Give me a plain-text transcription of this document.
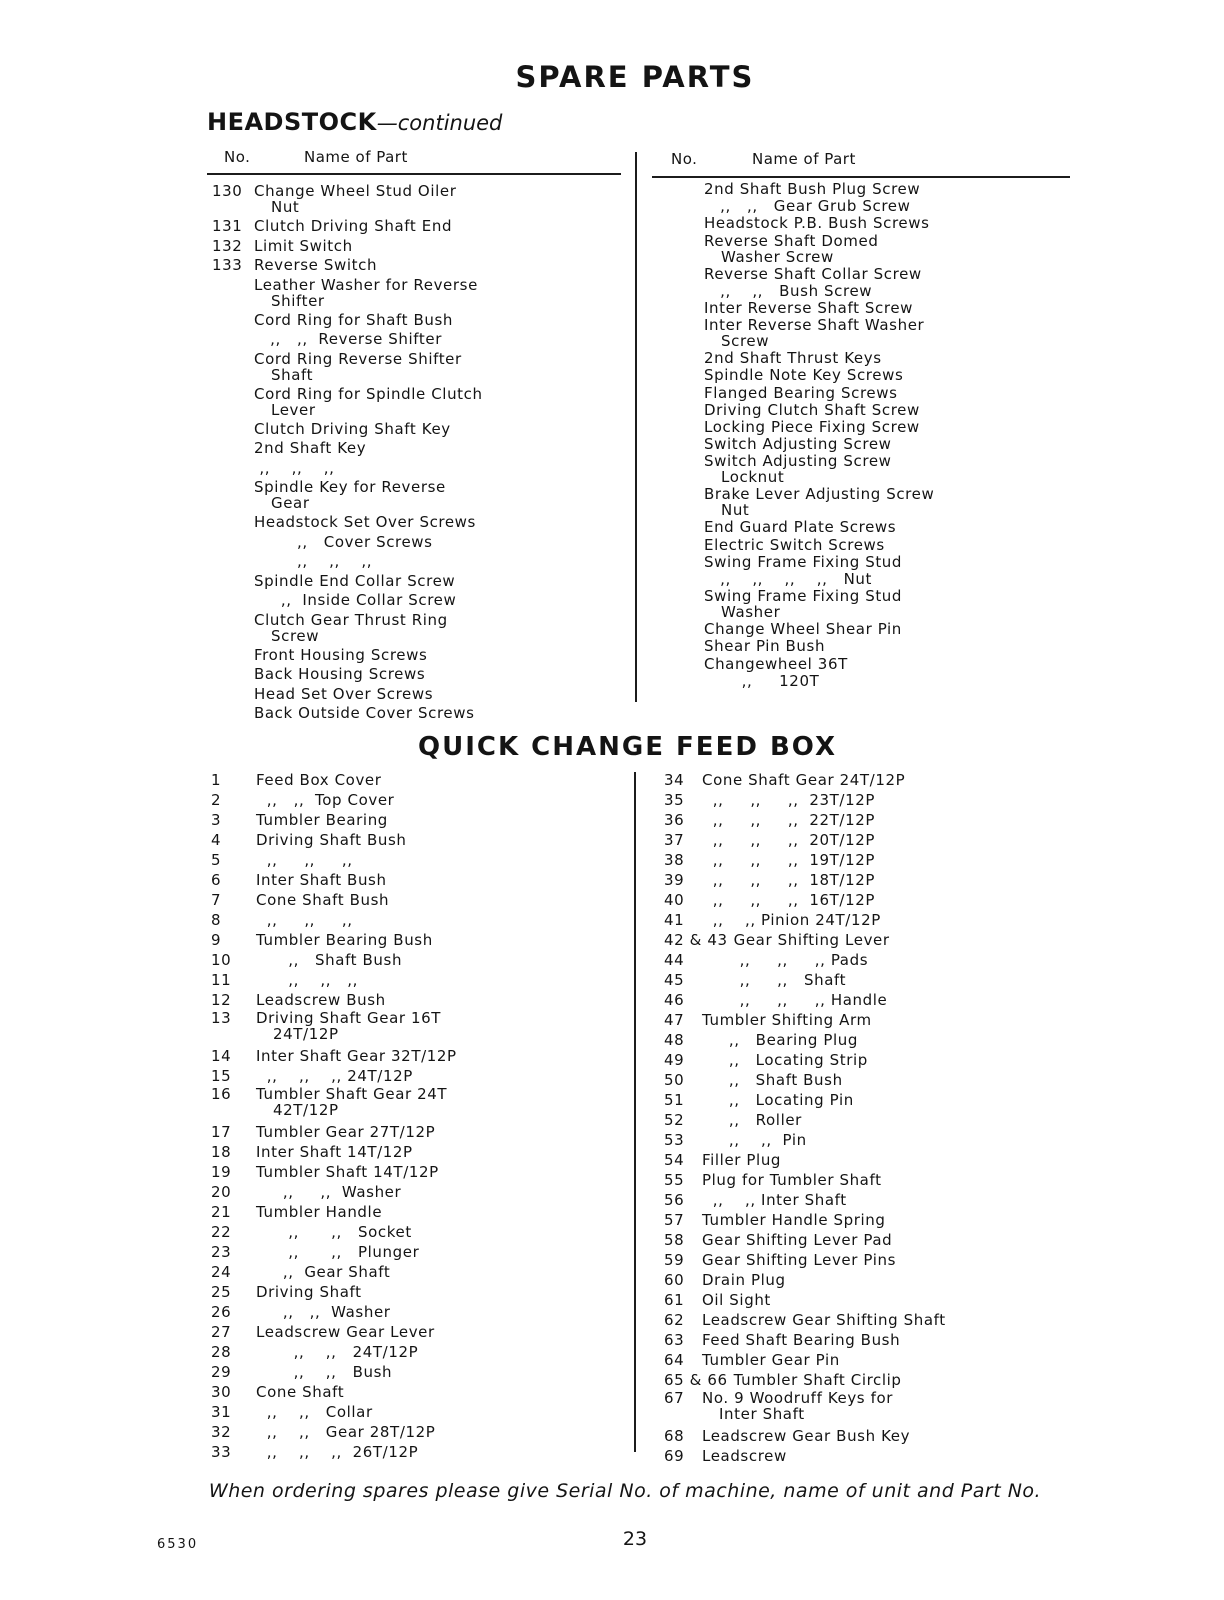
SPARE PARTS
HEADSTOCK—continued
No.	Name of Part	No.	Name of Part
130 Change Wheel Stud Oiler
Nut
131 Clutch Driving Shaft End
132 Limit Switch
133 Reverse Switch
Leather Washer for Reverse
Shifter
Cord Ring for Shaft Bush
,,   ,,  Reverse Shifter
Cord Ring Reverse Shifter
Shaft
Cord Ring for Spindle Clutch
Lever
Clutch Driving Shaft Key
2nd Shaft Key
,,    ,,    ,,
Spindle Key for Reverse
Gear
Headstock Set Over Screws
,,   Cover Screws
,,    ,,    ,,
Spindle End Collar Screw
,,  Inside Collar Screw
Clutch Gear Thrust Ring
Screw
Front Housing Screws
Back Housing Screws
Head Set Over Screws
Back Outside Cover Screws
2nd Shaft Bush Plug Screw
,,   ,,   Gear Grub Screw
Headstock P.B. Bush Screws
Reverse Shaft Domed
Washer Screw
Reverse Shaft Collar Screw
,,    ,,   Bush Screw
Inter Reverse Shaft Screw
Inter Reverse Shaft Washer
Screw
2nd Shaft Thrust Keys
Spindle Note Key Screws
Flanged Bearing Screws
Driving Clutch Shaft Screw
Locking Piece Fixing Screw
Switch Adjusting Screw
Switch Adjusting Screw
Locknut
Brake Lever Adjusting Screw
Nut
End Guard Plate Screws
Electric Switch Screws
Swing Frame Fixing Stud
,,    ,,    ,,    ,,   Nut
Swing Frame Fixing Stud
Washer
Change Wheel Shear Pin
Shear Pin Bush
Changewheel 36T
,,     120T
QUICK CHANGE FEED BOX
1	Feed Box Cover
2	,,   ,,  Top Cover
3	Tumbler Bearing
4	Driving Shaft Bush
5	,,     ,,     ,,
6	Inter Shaft Bush
7	Cone Shaft Bush
8	,,     ,,     ,,
9	Tumbler Bearing Bush
10	,,   Shaft Bush
11	,,    ,,   ,,
12	Leadscrew Bush
13	Driving Shaft Gear 16T
24T/12P
14	Inter Shaft Gear 32T/12P
15	,,    ,,    ,, 24T/12P
16	Tumbler Shaft Gear 24T
42T/12P
17	Tumbler Gear 27T/12P
18	Inter Shaft 14T/12P
19	Tumbler Shaft 14T/12P
20	,,     ,,  Washer
21	Tumbler Handle
22	,,      ,,   Socket
23	,,      ,,   Plunger
24	,,  Gear Shaft
25	Driving Shaft
26	,,   ,,  Washer
27	Leadscrew Gear Lever
28	,,    ,,   24T/12P
29	,,    ,,   Bush
30	Cone Shaft
31	,,    ,,   Collar
32	,,    ,,   Gear 28T/12P
33	,,    ,,    ,,  26T/12P
34	Cone Shaft Gear 24T/12P
35	,,     ,,     ,,  23T/12P
36	,,     ,,     ,,  22T/12P
37	,,     ,,     ,,  20T/12P
38	,,     ,,     ,,  19T/12P
39	,,     ,,     ,,  18T/12P
40	,,     ,,     ,,  16T/12P
41	,,    ,, Pinion 24T/12P
42 & 43 Gear Shifting Lever
44	,,     ,,     ,, Pads
45	,,     ,,   Shaft
46	,,     ,,     ,, Handle
47	Tumbler Shifting Arm
48	,,   Bearing Plug
49	,,   Locating Strip
50	,,   Shaft Bush
51	,,   Locating Pin
52	,,   Roller
53	,,    ,,  Pin
54	Filler Plug
55	Plug for Tumbler Shaft
56	,,    ,, Inter Shaft
57	Tumbler Handle Spring
58	Gear Shifting Lever Pad
59	Gear Shifting Lever Pins
60	Drain Plug
61	Oil Sight
62	Leadscrew Gear Shifting Shaft
63	Feed Shaft Bearing Bush
64	Tumbler Gear Pin
65 & 66 Tumbler Shaft Circlip
67	No. 9 Woodruff Keys for
Inter Shaft
68	Leadscrew Gear Bush Key
69	Leadscrew
When ordering spares please give Serial No. of machine, name of unit and Part No.
6530	23
